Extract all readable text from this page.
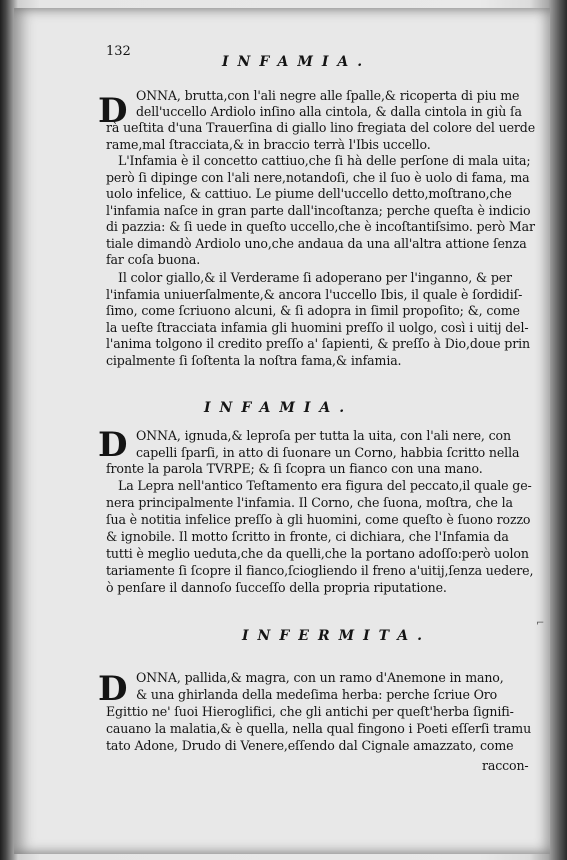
132
INFAMIA.
D ONNA, brutta,con l'ali negre alle ſpalle,& ricoperta di piu me
dell'uccello Ardiolo inſino alla cintola, & dalla cintola in giù ſa
rà ueſtita d'una Trauerſina di giallo lino fregiata del colore del uerde
rame,mal ſtracciata,& in braccio terrà l'Ibis uccello.
L'Infamia è il concetto cattiuo,che ſi hà delle perſone di mala uita;
però ſi dipinge con l'ali nere,notandoſi, che il ſuo è uolo di fama, ma
uolo infelice, & cattiuo. Le piume dell'uccello detto,moſtrano,che
l'infamia naſce in gran parte dall'incoſtanza; perche queſta è indicio
di pazzia: & ſi uede in queſto uccello,che è incoſtantiſsimo. però Mar
tiale dimandò Ardiolo uno,che andaua da una all'altra attione ſenza
far coſa buona.
Il color giallo,& il Verderame ſi adoperano per l'inganno, & per
l'infamia uniuerſalmente,& ancora l'uccello Ibis, il quale è ſordidiſ-
ſimo, come ſcriuono alcuni, & ſi adopra in ſimil propoſito; &, come
la ueſte ſtracciata infamia gli huomini preſſo il uolgo, così i uitij del-
l'anima tolgono il credito preſſo a' ſapienti, & preſſo à Dio,doue prin
cipalmente ſi ſoſtenta la noſtra fama,& infamia.
INFAMIA.
D ONNA, ignuda,& leproſa per tutta la uita, con l'ali nere, con
capelli ſparſi, in atto di ſuonare un Corno, habbia ſcritto nella
fronte la parola TVRPE; & ſi ſcopra un fianco con una mano.
La Lepra nell'antico Teſtamento era figura del peccato,il quale ge-
nera principalmente l'infamia. Il Corno, che ſuona, moſtra, che la
ſua è notitia infelice preſſo à gli huomini, come queſto è ſuono rozzo
& ignobile. Il motto ſcritto in fronte, ci dichiara, che l'Infamia da
tutti è meglio ueduta,che da quelli,che la portano adoſſo:però uolon
tariamente ſi ſcopre il fianco,ſciogliendo il freno a'uitij,ſenza uedere,
ò penſare il dannoſo ſucceſſo della propria riputatione.
⌐
INFERMITA.
D ONNA, pallida,& magra, con un ramo d'Anemone in mano,
& una ghirlanda della medeſima herba: perche ſcriue Oro
Egittio ne' ſuoi Hieroglifici, che gli antichi per queſt'herba ſignifi-
cauano la malatia,& è quella, nella qual fingono i Poeti eſſerſi tramu
tato Adone, Drudo di Venere,eſſendo dal Cignale amazzato, come
raccon-
